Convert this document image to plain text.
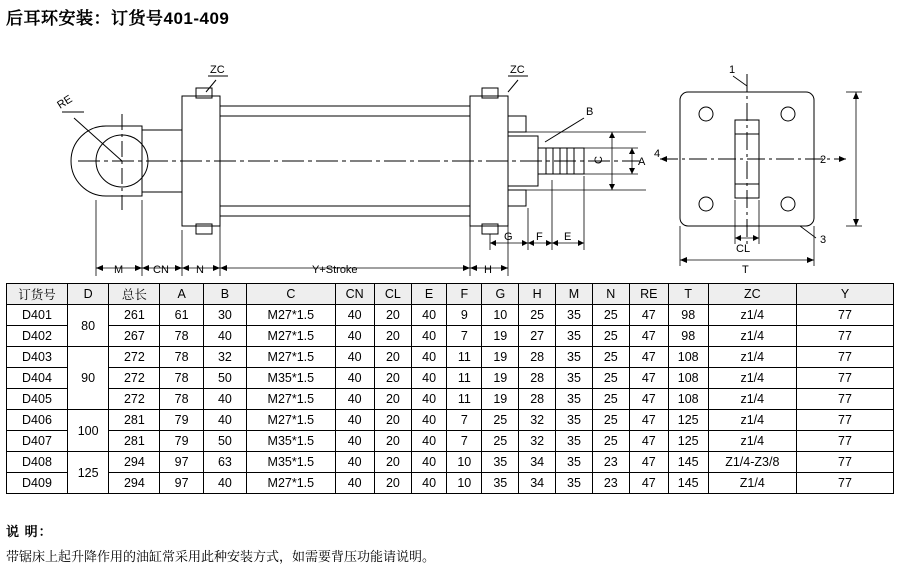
后耳环安装：订货号401-409
ZC	ZC
RE
B
C	A
M	CN N	Y+Stroke	H
G F E
1
2
3
4
CL
T
订货号	D	总长	A	B	C	CN	CL	E	F	G	H	M	N	RE	T	ZC	Y
D401	80	261	61	30	M27*1.5	40	20	40	9	10	25	35	25	47	98	z1/4	77
D402		267	78	40	M27*1.5	40	20	40	7	19	27	35	25	47	98	z1/4	77
D403	90	272	78	32	M27*1.5	40	20	40	11	19	28	35	25	47	108	z1/4	77
D404		272	78	50	M35*1.5	40	20	40	11	19	28	35	25	47	108	z1/4	77
D405		272	78	40	M27*1.5	40	20	40	11	19	28	35	25	47	108	z1/4	77
D406	100	281	79	40	M27*1.5	40	20	40	7	25	32	35	25	47	125	z1/4	77
D407		281	79	50	M35*1.5	40	20	40	7	25	32	35	25	47	125	z1/4	77
D408	125	294	97	63	M35*1.5	40	20	40	10	35	34	35	23	47	145	Z1/4-Z3/8	77
D409		294	97	40	M27*1.5	40	20	40	10	35	34	35	23	47	145	Z1/4	77
说 明：
带锯床上起升降作用的油缸常采用此种安装方式，如需要背压功能请说明。
